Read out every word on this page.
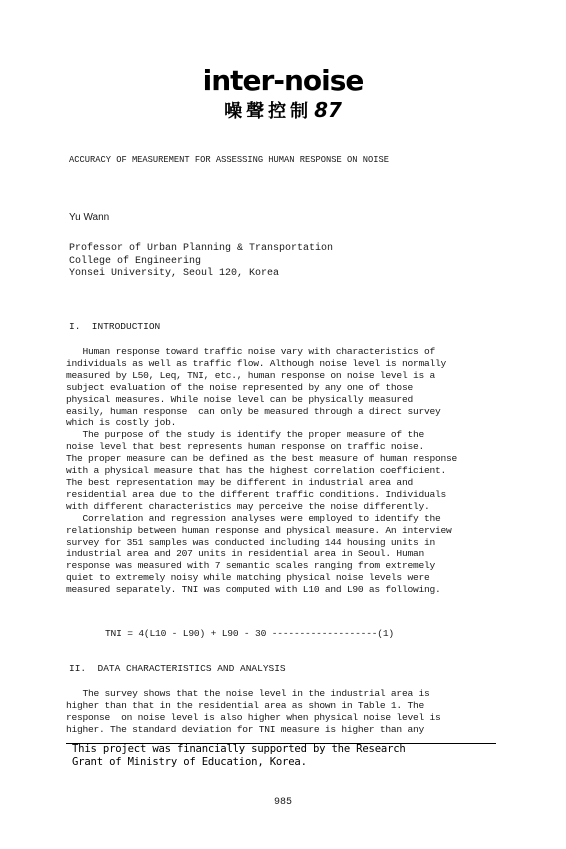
inter-noise
噪聲控制 87
ACCURACY OF MEASUREMENT FOR ASSESSING HUMAN RESPONSE ON NOISE
Yu Wann
Professor of Urban Planning & Transportation
College of Engineering
Yonsei University, Seoul 120, Korea
I.  INTRODUCTION
Human response toward traffic noise vary with characteristics of
individuals as well as traffic flow. Although noise level is normally
measured by L50, Leq, TNI, etc., human response on noise level is a
subject evaluation of the noise represented by any one of those
physical measures. While noise level can be physically measured
easily, human response  can only be measured through a direct survey
which is costly job.
The purpose of the study is identify the proper measure of the
noise level that best represents human response on traffic noise.
The proper measure can be defined as the best measure of human response
with a physical measure that has the highest correlation coefficient.
The best representation may be different in industrial area and
residential area due to the different traffic conditions. Individuals
with different characteristics may perceive the noise differently.
Correlation and regression analyses were employed to identify the
relationship between human response and physical measure. An interview
survey for 351 samples was conducted including 144 housing units in
industrial area and 207 units in residential area in Seoul. Human
response was measured with 7 semantic scales ranging from extremely
quiet to extremely noisy while matching physical noise levels were
measured separately. TNI was computed with L10 and L90 as following.
TNI = 4(L10 - L90) + L90 - 30 -------------------(1)
II.  DATA CHARACTERISTICS AND ANALYSIS
The survey shows that the noise level in the industrial area is
higher than that in the residential area as shown in Table 1. The
response  on noise level is also higher when physical noise level is
higher. The standard deviation for TNI measure is higher than any
This project was financially supported by the Research
Grant of Ministry of Education, Korea.
985
